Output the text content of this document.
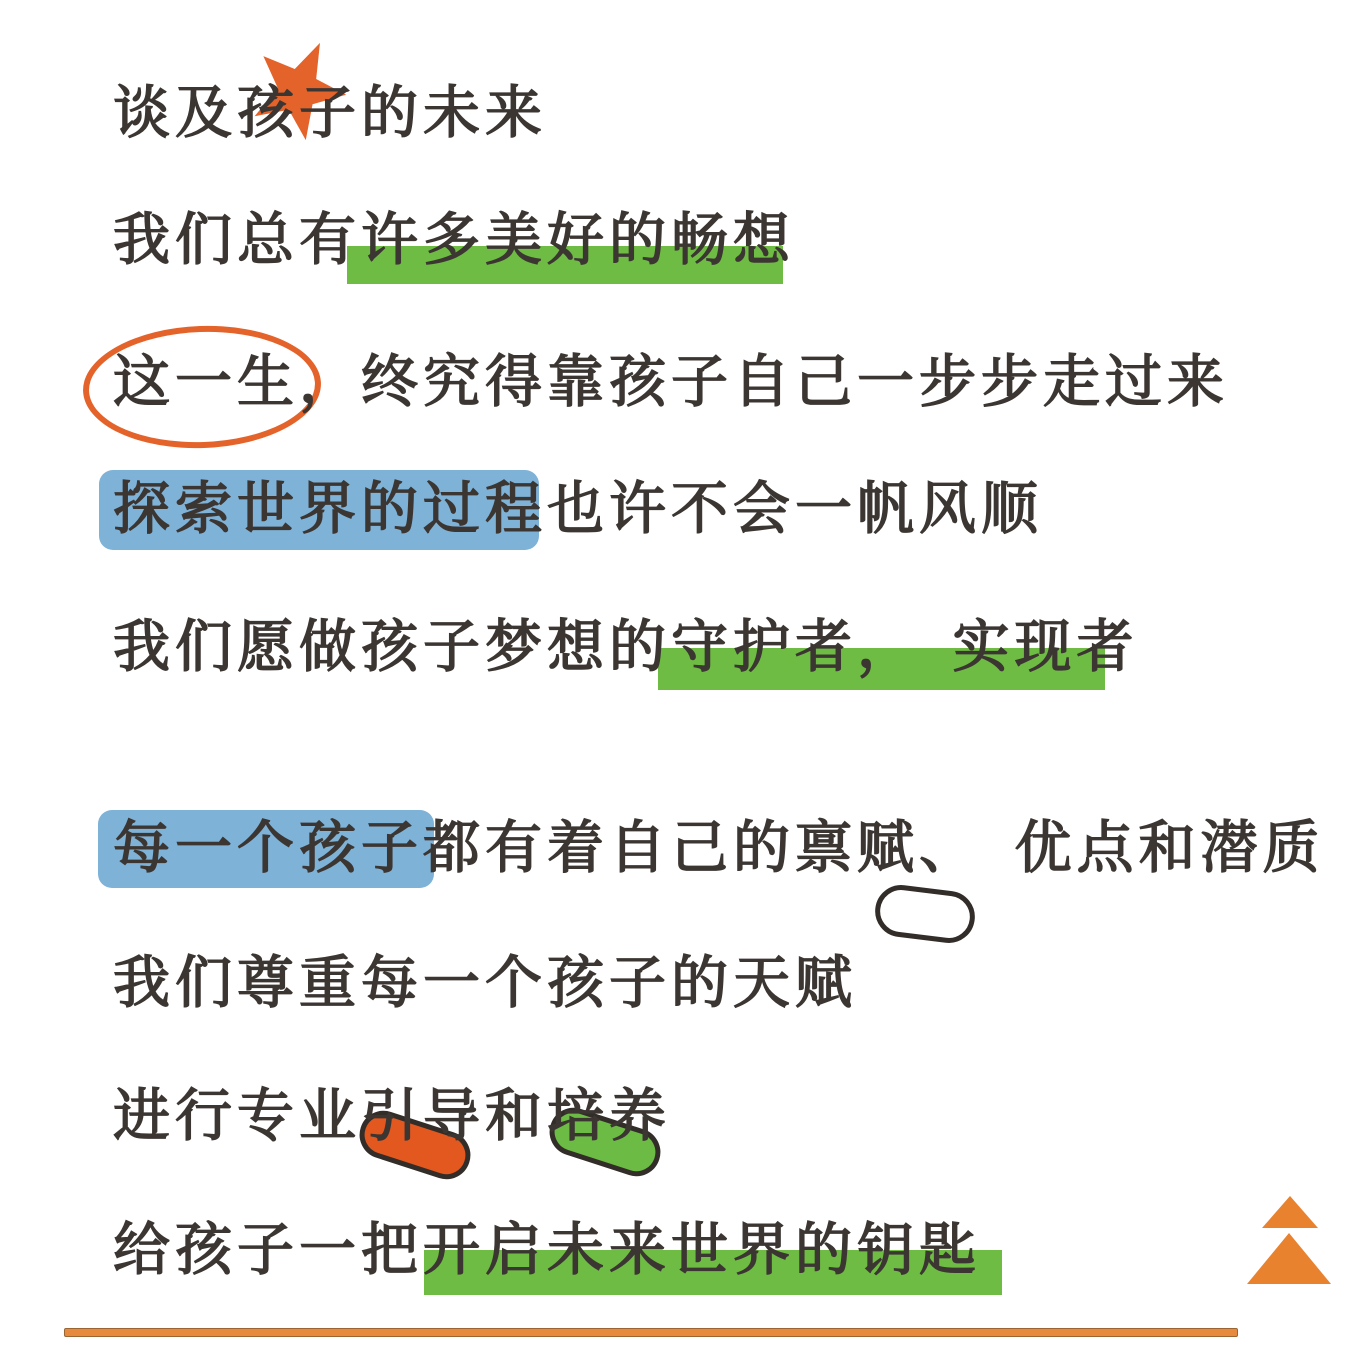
谈及孩子的未来
我们总有许多美好的畅想
这一生，终究得靠孩子自己一步步走过来
探索世界的过程也许不会一帆风顺
我们愿做孩子梦想的守护者，　实现者
每一个孩子都有着自己的禀赋、　优点和潜质
我们尊重每一个孩子的天赋
进行专业引导和培养
给孩子一把开启未来世界的钥匙
